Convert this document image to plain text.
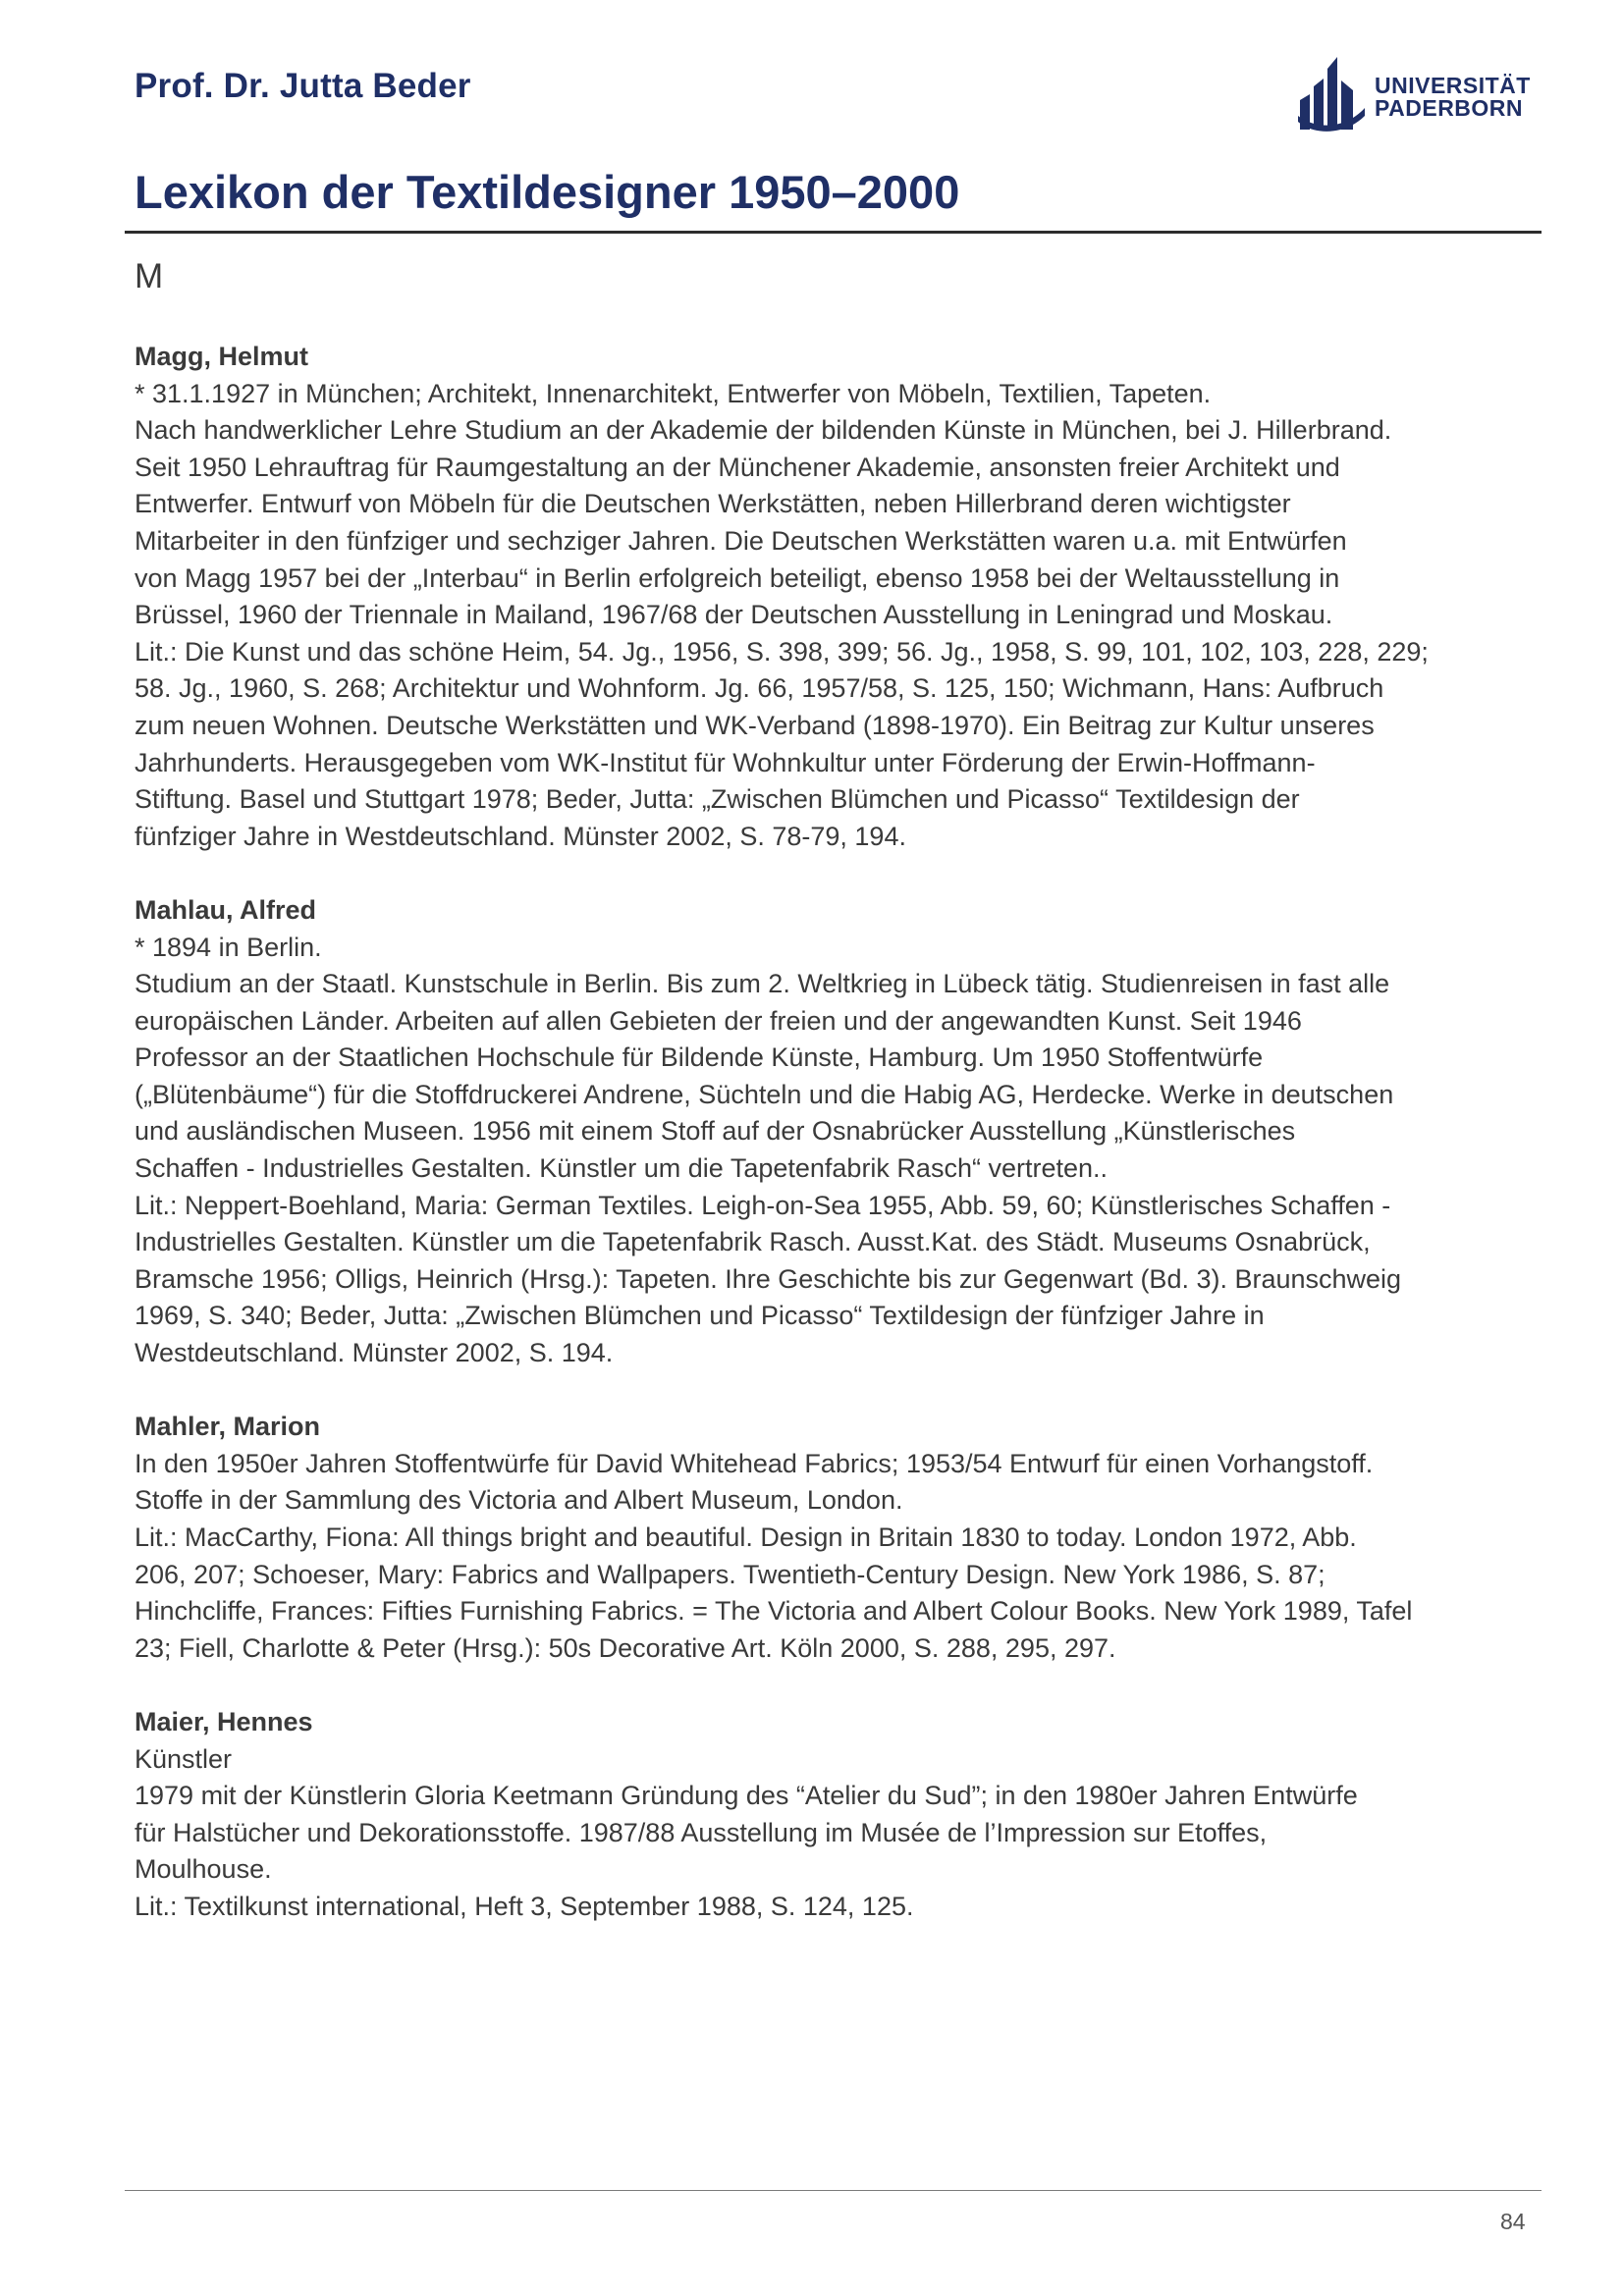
Prof. Dr. Jutta Beder	UNIVERSITÄT
PADERBORN
Lexikon der Textildesigner 1950–2000
M

Magg, Helmut

* 31.1.1927 in München; Architekt, Innenarchitekt, Entwerfer von Möbeln, Textilien, Tapeten.

Nach handwerklicher Lehre Studium an der Akademie der bildenden Künste in München, bei J. Hillerbrand.

Seit 1950 Lehrauftrag für Raumgestaltung an der Münchener Akademie, ansonsten freier Architekt und

Entwerfer. Entwurf von Möbeln für die Deutschen Werkstätten, neben Hillerbrand deren wichtigster

Mitarbeiter in den fünfziger und sechziger Jahren. Die Deutschen Werkstätten waren u.a. mit Entwürfen

von Magg 1957 bei der „Interbau“ in Berlin erfolgreich beteiligt, ebenso 1958 bei der Weltausstellung in

Brüssel, 1960 der Triennale in Mailand, 1967/68 der Deutschen Ausstellung in Leningrad und Moskau.

Lit.: Die Kunst und das schöne Heim, 54. Jg., 1956, S. 398, 399; 56. Jg., 1958, S. 99, 101, 102, 103, 228, 229;

58. Jg., 1960, S. 268; Architektur und Wohnform. Jg. 66, 1957/58, S. 125, 150; Wichmann, Hans: Aufbruch

zum neuen Wohnen. Deutsche Werkstätten und WK-Verband (1898-1970). Ein Beitrag zur Kultur unseres

Jahrhunderts. Herausgegeben vom WK-Institut für Wohnkultur unter Förderung der Erwin-Hoffmann-

Stiftung. Basel und Stuttgart 1978; Beder, Jutta: „Zwischen Blümchen und Picasso“ Textildesign der

fünfziger Jahre in Westdeutschland. Münster 2002, S. 78-79, 194.

Mahlau, Alfred

* 1894 in Berlin.

Studium an der Staatl. Kunstschule in Berlin. Bis zum 2. Weltkrieg in Lübeck tätig. Studienreisen in fast alle

europäischen Länder. Arbeiten auf allen Gebieten der freien und der angewandten Kunst. Seit 1946

Professor an der Staatlichen Hochschule für Bildende Künste, Hamburg. Um 1950 Stoffentwürfe

(„Blütenbäume“) für die Stoffdruckerei Andrene, Süchteln und die Habig AG, Herdecke. Werke in deutschen

und ausländischen Museen. 1956 mit einem Stoff auf der Osnabrücker Ausstellung „Künstlerisches

Schaffen - Industrielles Gestalten. Künstler um die Tapetenfabrik Rasch“ vertreten..

Lit.: Neppert-Boehland, Maria: German Textiles. Leigh-on-Sea 1955, Abb. 59, 60; Künstlerisches Schaffen -

Industrielles Gestalten. Künstler um die Tapetenfabrik Rasch. Ausst.Kat. des Städt. Museums Osnabrück,

Bramsche 1956; Olligs, Heinrich (Hrsg.): Tapeten. Ihre Geschichte bis zur Gegenwart (Bd. 3). Braunschweig

1969, S. 340; Beder, Jutta: „Zwischen Blümchen und Picasso“ Textildesign der fünfziger Jahre in

Westdeutschland. Münster 2002, S. 194.

Mahler, Marion

In den 1950er Jahren Stoffentwürfe für David Whitehead Fabrics; 1953/54 Entwurf für einen Vorhangstoff.

Stoffe in der Sammlung des Victoria and Albert Museum, London.

Lit.: MacCarthy, Fiona: All things bright and beautiful. Design in Britain 1830 to today. London 1972, Abb.

206, 207; Schoeser, Mary: Fabrics and Wallpapers. Twentieth-Century Design. New York 1986, S. 87;

Hinchcliffe, Frances: Fifties Furnishing Fabrics. = The Victoria and Albert Colour Books. New York 1989, Tafel

23; Fiell, Charlotte & Peter (Hrsg.): 50s Decorative Art. Köln 2000, S. 288, 295, 297.

Maier, Hennes

Künstler

1979 mit der Künstlerin Gloria Keetmann Gründung des “Atelier du Sud”; in den 1980er Jahren Entwürfe

für Halstücher und Dekorationsstoffe. 1987/88 Ausstellung im Musée de l’Impression sur Etoffes,

Moulhouse.

Lit.: Textilkunst international, Heft 3, September 1988, S. 124, 125.

84
